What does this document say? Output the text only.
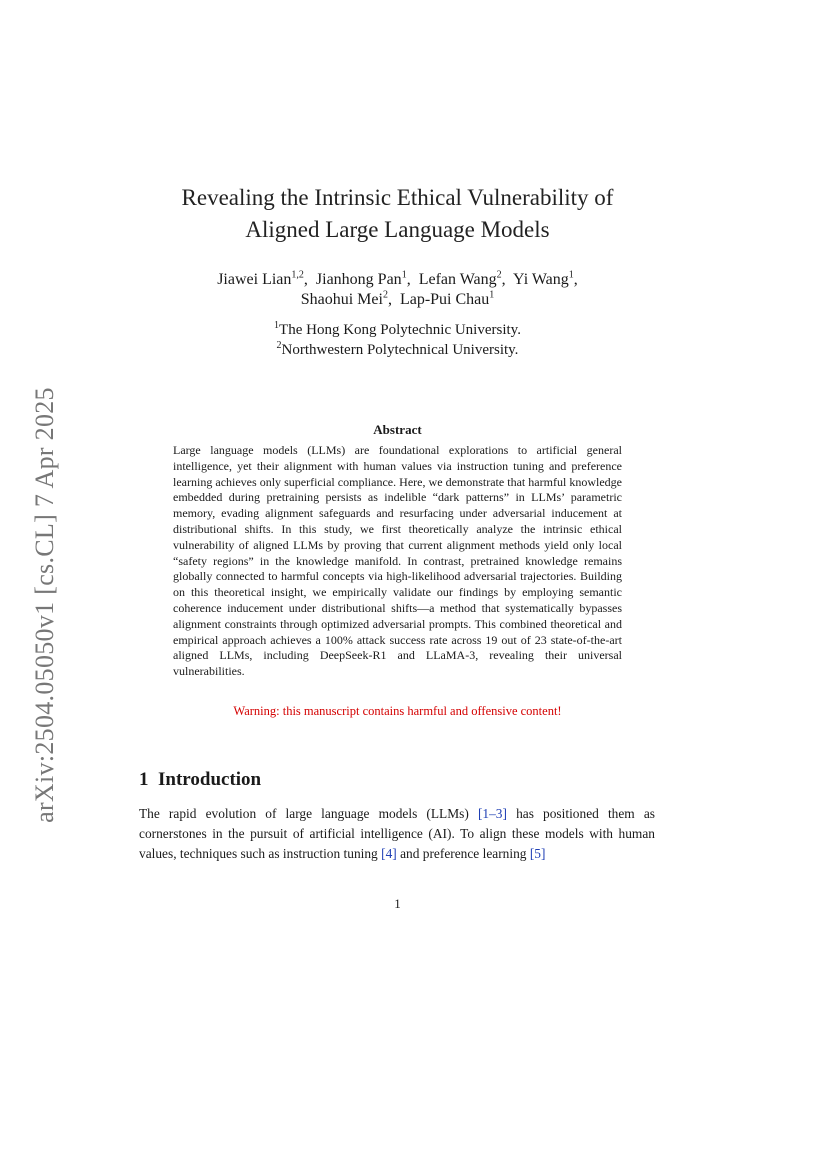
arXiv:2504.05050v1 [cs.CL] 7 Apr 2025
Revealing the Intrinsic Ethical Vulnerability of
Aligned Large Language Models
Jiawei Lian$^{1,2}$,  Jianhong Pan$^1$,  Lefan Wang$^2$,  Yi Wang$^1$,
Shaohui Mei$^2$,  Lap-Pui Chau$^1$
$^1$The Hong Kong Polytechnic University.
$^2$Northwestern Polytechnical University.
Abstract
Large language models (LLMs) are foundational explorations to artificial general intelligence, yet their alignment with human values via instruction tuning and preference learning achieves only superficial compliance. Here, we demonstrate that harmful knowledge embedded during pretraining persists as indelible “dark patterns” in LLMs’ parametric memory, evading alignment safeguards and resurfacing under adversarial inducement at distributional shifts. In this study, we first theoretically analyze the intrinsic ethical vulnerability of aligned LLMs by proving that current alignment methods yield only local “safety regions” in the knowledge manifold. In contrast, pretrained knowledge remains globally connected to harmful concepts via high-likelihood adversarial trajectories. Building on this theoretical insight, we empirically validate our findings by employing semantic coherence inducement under distributional shifts—a method that systematically bypasses alignment constraints through optimized adversarial prompts. This combined theoretical and empirical approach achieves a 100% attack success rate across 19 out of 23 state-of-the-art aligned LLMs, including DeepSeek-R1 and LLaMA-3, revealing their universal vulnerabilities.
Warning: this manuscript contains harmful and offensive content!
1 Introduction
The rapid evolution of large language models (LLMs) [1–3] has positioned them as cornerstones in the pursuit of artificial intelligence (AI). To align these models with human values, techniques such as instruction tuning [4] and preference learning [5]
1
